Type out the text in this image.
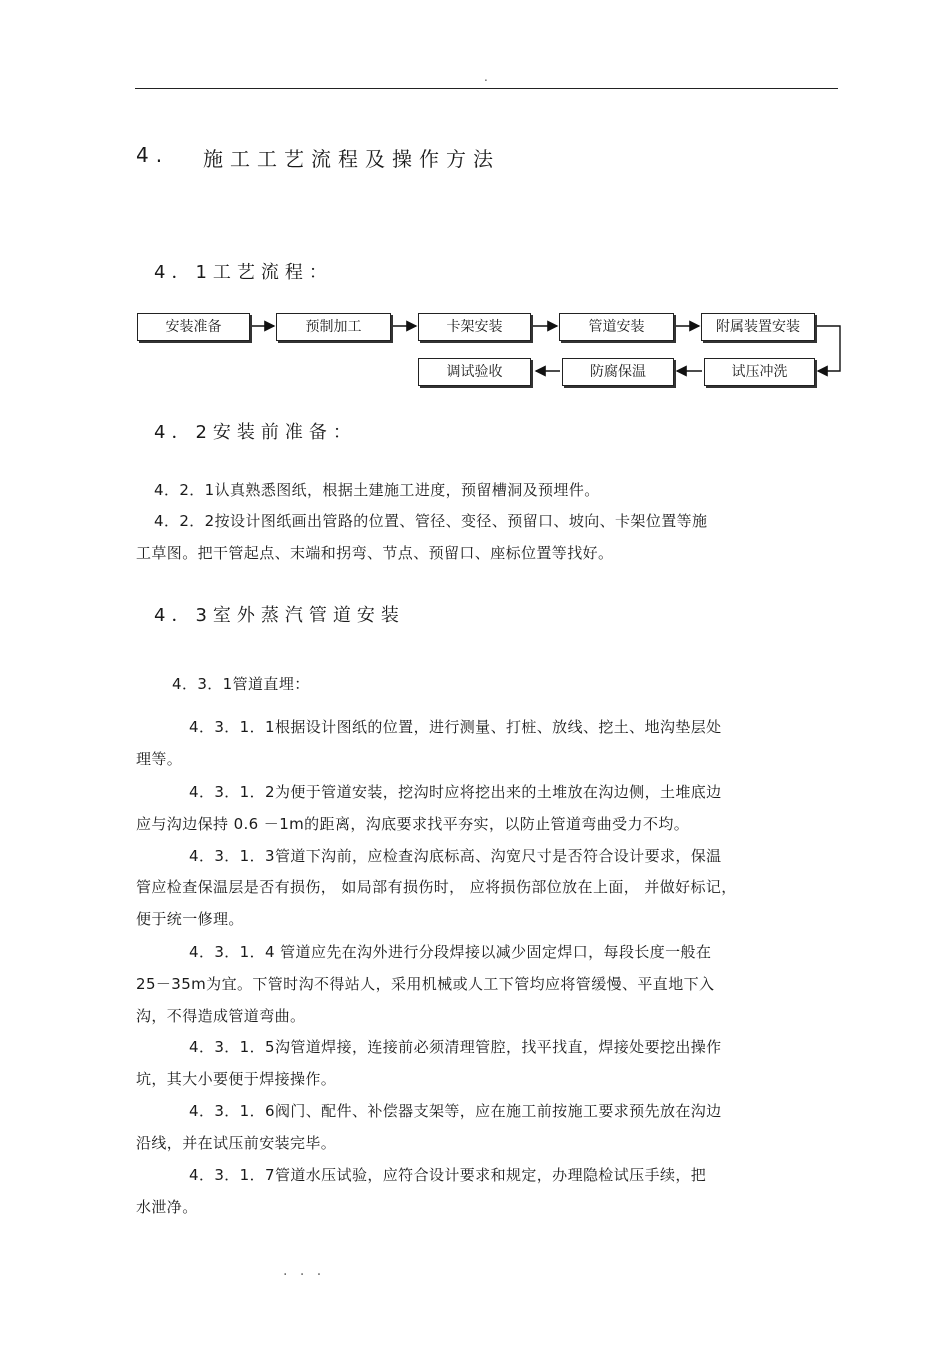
.
4. 施工工艺流程及操作方法
4．1工艺流程：
安装准备	预制加工	卡架安装	管道安装	附属装置安装
调试验收	防腐保温	试压冲洗
4．2安装前准备：
4．2．1认真熟悉图纸，根据土建施工进度，预留槽洞及预埋件。
4．2．2按设计图纸画出管路的位置、管径、变径、预留口、坡向、卡架位置等施
工草图。把干管起点、末端和拐弯、节点、预留口、座标位置等找好。
4．3室外蒸汽管道安装
4．3．1管道直埋：
4．3．1．1根据设计图纸的位置，进行测量、打桩、放线、挖土、地沟垫层处
理等。
4．3．1．2为便于管道安装，挖沟时应将挖出来的土堆放在沟边侧，土堆底边
应与沟边保持 0.6 －1m的距离，沟底要求找平夯实，以防止管道弯曲受力不均。
4．3．1．3管道下沟前，应检查沟底标高、沟宽尺寸是否符合设计要求，保温
管应检查保温层是否有损伤， 如局部有损伤时， 应将损伤部位放在上面， 并做好标记，
便于统一修理。
4．3．1．4 管道应先在沟外进行分段焊接以减少固定焊口，每段长度一般在
25－35m为宜。下管时沟不得站人，采用机械或人工下管均应将管缓慢、平直地下入
沟，不得造成管道弯曲。
4．3．1．5沟管道焊接，连接前必须清理管腔，找平找直，焊接处要挖出操作
坑，其大小要便于焊接操作。
4．3．1．6阀门、配件、补偿器支架等，应在施工前按施工要求预先放在沟边
沿线，并在试压前安装完毕。
4．3．1．7管道水压试验，应符合设计要求和规定，办理隐检试压手续，把
水泄净。
. . .
